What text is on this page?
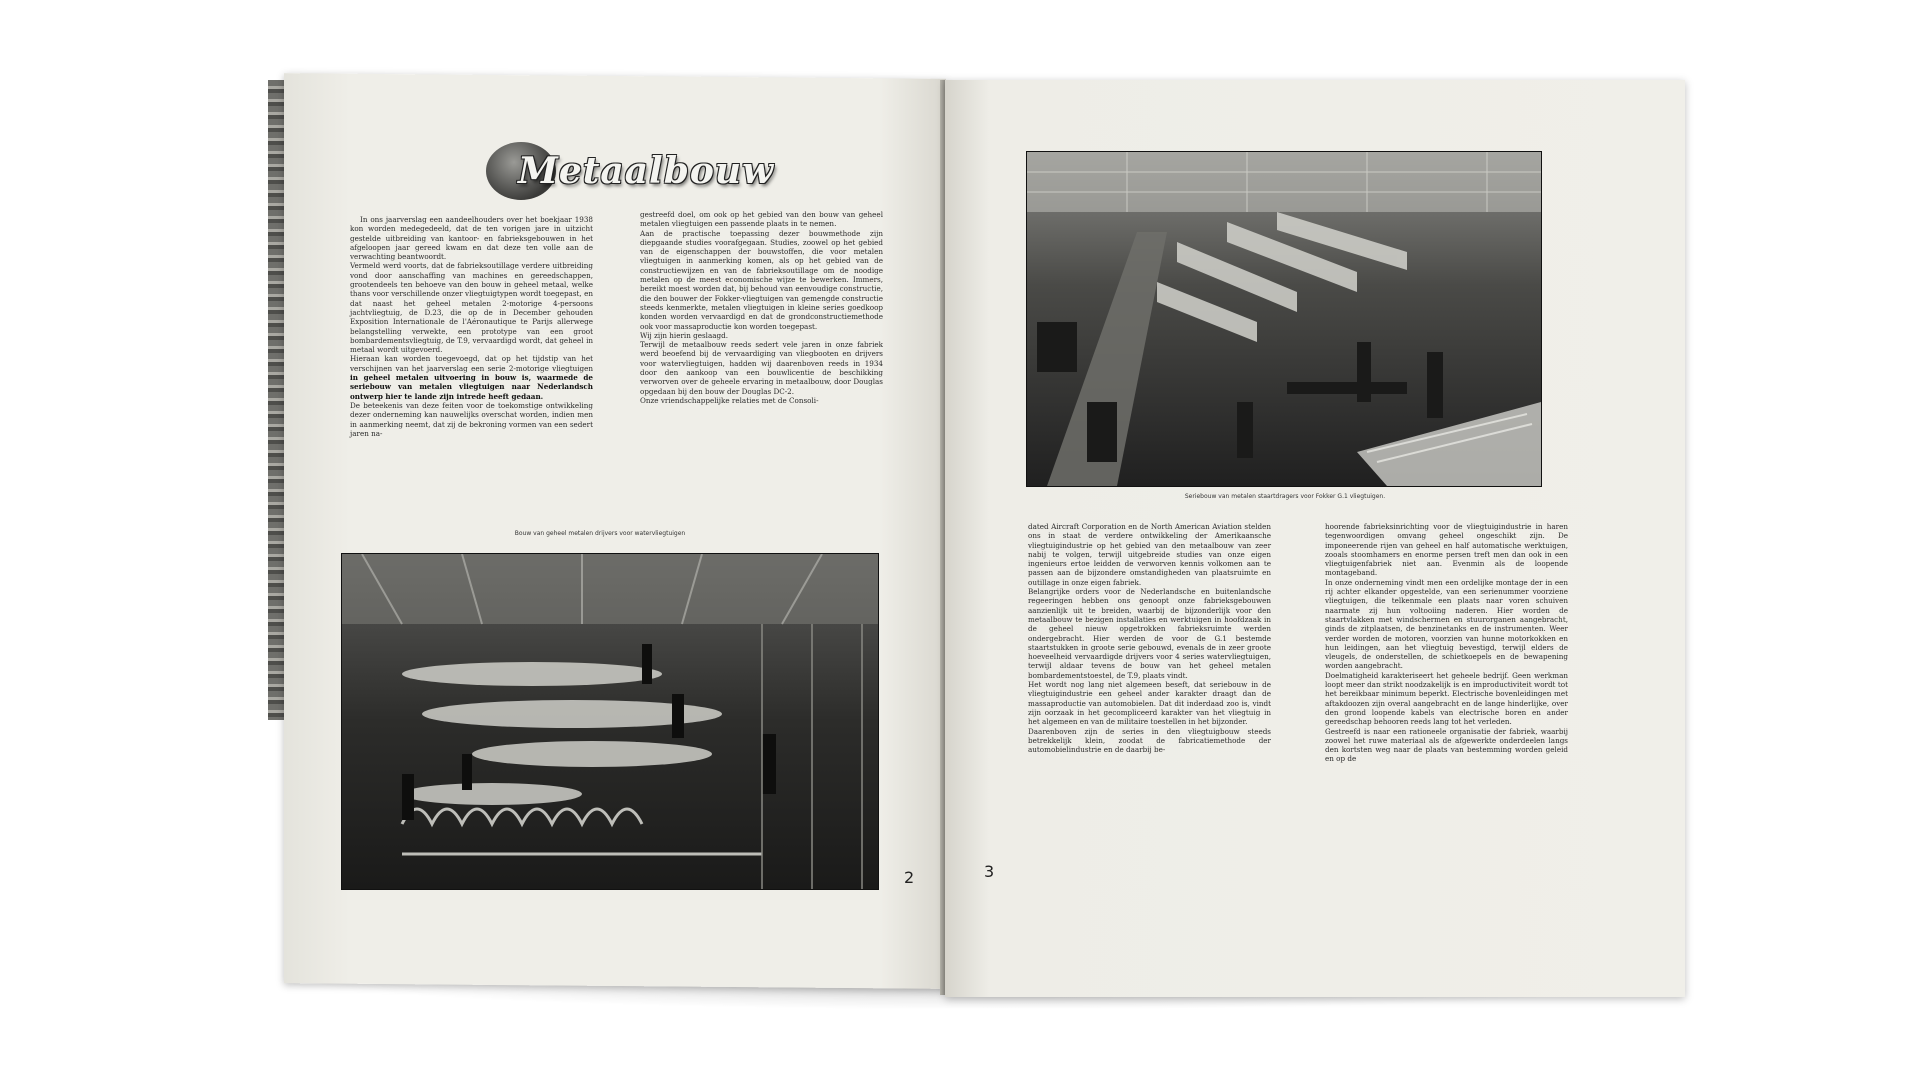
Metaalbouw

In ons jaarverslag een aandeelhouders over het boekjaar 1938 kon worden medegedeeld, dat de ten vorigen jare in uitzicht gestelde uitbreiding van kantoor- en fabrieksgebouwen in het afgeloopen jaar gereed kwam en dat deze ten volle aan de verwachting beantwoordt.

Vermeld werd voorts, dat de fabrieksoutillage verdere uitbreiding vond door aanschaffing van machines en gereedschappen, grootendeels ten behoeve van den bouw in geheel metaal, welke thans voor verschillende onzer vliegtuigtypen wordt toegepast, en dat naast het geheel metalen 2-motorige 4-persoons jachtvliegtuig, de D.23, die op de in December gehouden Exposition Internationale de l'Aéronautique te Parijs allerwege belangstelling verwekte, een prototype van een groot bombardementsvliegtuig, de T.9, vervaardigd wordt, dat geheel in metaal wordt uitgevoerd.

Hieraan kan worden toegevoegd, dat op het tijdstip van het verschijnen van het jaarverslag een serie 2-motorige vliegtuigen in geheel metalen uitvoering in bouw is, waarmede de seriebouw van metalen vliegtuigen naar Nederlandsch ontwerp hier te lande zijn intrede heeft gedaan.

De beteekenis van deze feiten voor de toekomstige ontwikkeling dezer onderneming kan nauwelijks overschat worden, indien men in aanmerking neemt, dat zij de bekroning vormen van een sedert jaren na-

gestreefd doel, om ook op het gebied van den bouw van geheel metalen vliegtuigen een passende plaats in te nemen.

Aan de practische toepassing dezer bouwmethode zijn diepgaande studies voorafgegaan. Studies, zoowel op het gebied van de eigenschappen der bouwstoffen, die voor metalen vliegtuigen in aanmerking komen, als op het gebied van de constructiewijzen en van de fabrieksoutillage om de noodige metalen op de meest economische wijze te bewerken. Immers, bereikt moest worden dat, bij behoud van eenvoudige constructie, die den bouwer der Fokker-vliegtuigen van gemengde constructie steeds kenmerkte, metalen vliegtuigen in kleine series goedkoop konden worden vervaardigd en dat de grondconstructiemethode ook voor massaproductie kon worden toegepast.

Wij zijn hierin geslaagd.

Terwijl de metaalbouw reeds sedert vele jaren in onze fabriek werd beoefend bij de vervaardiging van vliegbooten en drijvers voor watervliegtuigen, hadden wij daarenboven reeds in 1934 door den aankoop van een bouwlicentie de beschikking verworven over de geheele ervaring in metaalbouw, door Douglas opgedaan bij den bouw der Douglas DC-2.

Onze vriendschappelijke relaties met de Consoli-

Bouw van geheel metalen drijvers voor watervliegtuigen
2
Seriebouw van metalen staartdragers voor Fokker G.1 vliegtuigen.

dated Aircraft Corporation en de North American Aviation stelden ons in staat de verdere ontwikkeling der Amerikaansche vliegtuigindustrie op het gebied van den metaalbouw van zeer nabij te volgen, terwijl uitgebreide studies van onze eigen ingenieurs ertoe leidden de verworven kennis volkomen aan te passen aan de bijzondere omstandigheden van plaatsruimte en outillage in onze eigen fabriek.

Belangrijke orders voor de Nederlandsche en buitenlandsche regeeringen hebben ons genoopt onze fabrieksgebouwen aanzienlijk uit te breiden, waarbij de bijzonderlijk voor den metaalbouw te bezigen installaties en werktuigen in hoofdzaak in de geheel nieuw opgetrokken fabrieksruimte werden ondergebracht. Hier werden de voor de G.1 bestemde staartstukken in groote serie gebouwd, evenals de in zeer groote hoeveelheid vervaardigde drijvers voor 4 series watervliegtuigen, terwijl aldaar tevens de bouw van het geheel metalen bombardementstoestel, de T.9, plaats vindt.

Het wordt nog lang niet algemeen beseft, dat seriebouw in de vliegtuigindustrie een geheel ander karakter draagt dan de massaproductie van automobielen. Dat dit inderdaad zoo is, vindt zijn oorzaak in het gecompliceerd karakter van het vliegtuig in het algemeen en van de militaire toestellen in het bijzonder.

Daarenboven zijn de series in den vliegtuigbouw steeds betrekkelijk klein, zoodat de fabricatiemethode der automobielindustrie en de daarbij be-

hoorende fabrieksinrichting voor de vliegtuigindustrie in haren tegenwoordigen omvang geheel ongeschikt zijn. De imponeerende rijen van geheel en half automatische werktuigen, zooals stoomhamers en enorme persen treft men dan ook in een vliegtuigenfabriek niet aan. Evenmin als de loopende montageband.

In onze onderneming vindt men een ordelijke montage der in een rij achter elkander opgestelde, van een serienummer voorziene vliegtuigen, die telkenmale een plaats naar voren schuiven naarmate zij hun voltooiing naderen. Hier worden de staartvlakken met windschermen en stuurorganen aangebracht, ginds de zitplaatsen, de benzinetanks en de instrumenten. Weer verder worden de motoren, voorzien van hunne motorkokken en hun leidingen, aan het vliegtuig bevestigd, terwijl elders de vleugels, de onderstellen, de schietkoepels en de bewapening worden aangebracht.

Doelmatigheid karakteriseert het geheele bedrijf. Geen werkman loopt meer dan strikt noodzakelijk is en improductiviteit wordt tot het bereikbaar minimum beperkt. Electrische bovenleidingen met aftakdoozen zijn overal aangebracht en de lange hinderlijke, over den grond loopende kabels van electrische boren en ander gereedschap behooren reeds lang tot het verleden.

Gestreefd is naar een rationeele organisatie der fabriek, waarbij zoowel het ruwe materiaal als de afgewerkte onderdeelen langs den kortsten weg naar de plaats van bestemming worden geleid en op de

3
